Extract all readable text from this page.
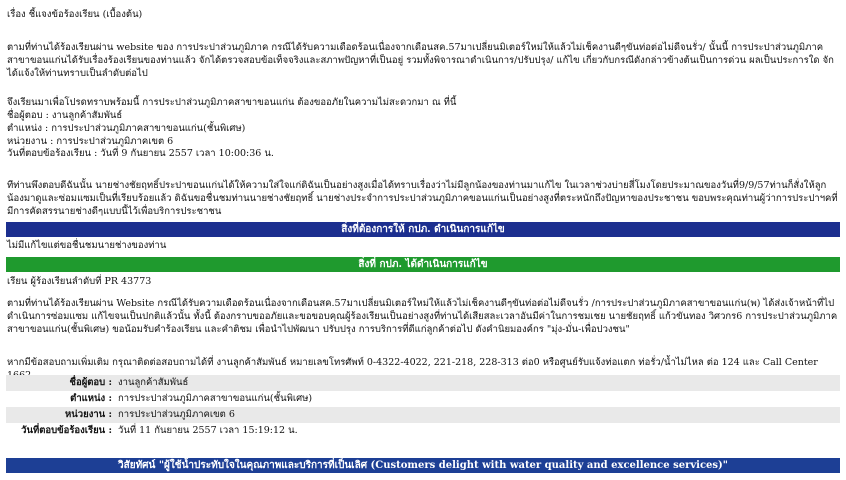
เรื่อง ชี้แจงข้อร้องเรียน (เบื้องต้น)

ตามที่ท่านได้ร้องเรียนผ่าน website ของ การประปาส่วนภูมิภาค กรณีได้รับความเดือดร้อนเนื่องจากเดือนสค.57มาเปลี่ยนมิเตอร์ใหม่ให้แล้วไม่เช็คงานดีๆขันท่อต่อไม่ดีจนรั่ว/ นั้นนี้ การประปาส่วนภูมิภาคสาขาขอนแก่นได้รับเรื่องร้องเรียนของท่านแล้ว จักได้ตรวจสอบข้อเท็จจริงและสภาพปัญหาที่เป็นอยู่ รวมทั้งพิจารณาดำเนินการ/ปรับปรุง/ แก้ไข เกี่ยวกับกรณีดังกล่าวข้างต้นเป็นการด่วน ผลเป็นประการใด จักได้แจ้งให้ท่านทราบเป็นลำดับต่อไป

จึงเรียนมาเพื่อโปรดทราบพร้อมนี้ การประปาส่วนภูมิภาคสาขาขอนแก่น ต้องขออภัยในความไม่สะดวกมา ณ ที่นี้

ชื่อผู้ตอบ : งานลูกค้าสัมพันธ์

ตำแหน่ง : การประปาส่วนภูมิภาคสาขาขอนแก่น(ชั้นพิเศษ)

หน่วยงาน : การประปาส่วนภูมิภาคเขต 6

วันที่ตอบข้อร้องเรียน : วันที่ 9 กันยายน 2557 เวลา 10:00:36 น.

ทีท่านพึงตอบดีฉันนั้น นายช่างชัยฤทธิ์ประปาขอนแก่นได้ให้ความใส่ใจแก่ดิฉันเป็นอย่างสูงเมื่อได้ทราบเรื่องว่าไม่มีลูกน้องของท่านมาแก้ไข ในเวลาช่วงบ่ายสี่โมงโดยประมาณของวันที่9/9/57ท่านก็สั่งให้ลูกน้องมาดูและซ่อมแซมเป็นที่เรียบร้อยแล้ว ดิฉันขอชื่นชมท่านนายช่างชัยฤทธิ์ นายช่างประจำการประปาส่วนภูมิภาคขอนแก่นเป็นอย่างสูงที่ตระหนักถึงปัญหาของประชาชน ขอบพระคุณท่านผู้ว่าการประปาฯคที่มีการคัดสรรนายช่างดีๆแบบนี้ไว้เพื่อบริการประชาชน

สิ่งที่ต้องการให้ กปภ. ดำเนินการแก้ไข

ไม่มีแก้ไขแต่ขอชื่นชมนายช่างของท่าน

สิ่งที่ กปภ. ได้ดำเนินการแก้ไข

เรียน ผู้ร้องเรียนลำดับที่ PR 43773

ตามที่ท่านได้ร้องเรียนผ่าน Website กรณีได้รับความเดือดร้อนเนื่องจากเดือนสค.57มาเปลี่ยนมิเตอร์ใหม่ให้แล้วไม่เช็คงานดีๆขันท่อต่อไม่ดีจนรั่ว /การประปาส่วนภูมิภาคสาขาขอนแก่น(พ) ได้ส่งเจ้าหน้าที่ไปดำเนินการซ่อมแซม แก้ไขจนเป็นปกติแล้วนั้น ทั้งนี้ ต้องกราบขออภัยและขอขอบคุณผู้ร้องเรียนเป็นอย่างสูงที่ท่านได้เสียสละเวลาอันมีค่าในการชมเชย นายชัยฤทธิ์ แก้วขันทอง วิศวกร6 การประปาส่วนภูมิภาคสาขาขอนแก่น(ชั้นพิเศษ) ขอน้อมรับคำร้องเรียน และคำติชม เพื่อนำไปพัฒนา ปรับปรุง การบริการที่ดีแก่ลูกค้าต่อไป ดังคำนิยมองค์กร "มุ่ง-มั่น-เพื่อปวงชน"

หากมีข้อสอบถามเพิ่มเติม กรุณาติดต่อสอบถามได้ที่ งานลูกค้าสัมพันธ์ หมายเลขโทรศัพท์ 0-4322-4022, 221-218, 228-313 ต่อ0 หรือศูนย์รับแจ้งท่อแตก ท่อรั่ว/น้ำไม่ไหล ต่อ 124 และ Call Center

ชื่อผู้ตอบ :	งานลูกค้าสัมพันธ์
ตำแหน่ง :	การประปาส่วนภูมิภาคสาขาขอนแก่น(ชั้นพิเศษ)
หน่วยงาน :	การประปาส่วนภูมิภาคเขต 6
วันที่ตอบข้อร้องเรียน :	วันที่ 11 กันยายน 2557 เวลา 15:19:12 น.
วิสัยทัศน์ "ผู้ใช้น้ำประทับใจในคุณภาพและบริการที่เป็นเลิศ (Customers delight with water quality and excellence services)"
